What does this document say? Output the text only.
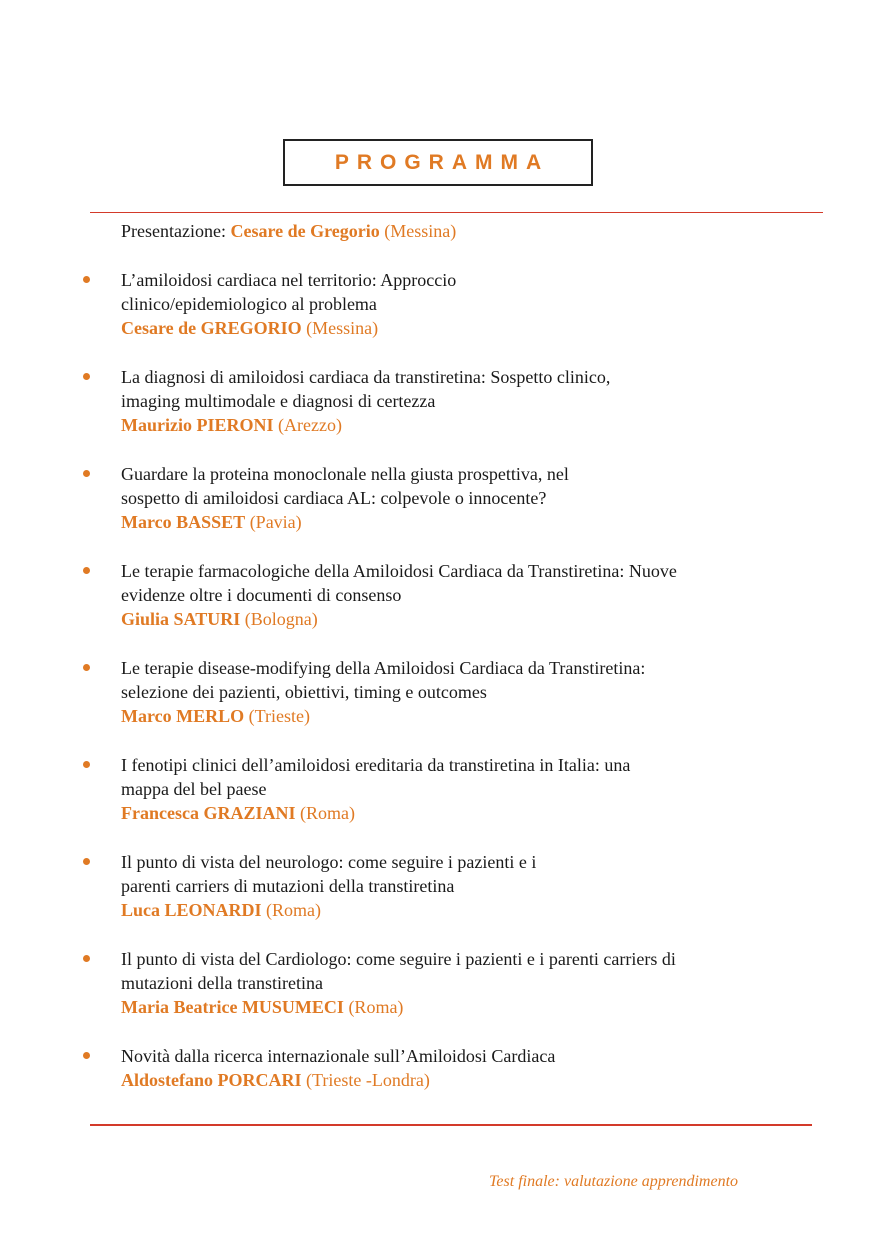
PROGRAMMA
Presentazione: Cesare de Gregorio (Messina)
L’amiloidosi cardiaca nel territorio: Approccio
clinico/epidemiologico al problema
Cesare de GREGORIO (Messina)
La diagnosi di amiloidosi cardiaca da transtiretina: Sospetto clinico,
imaging multimodale e diagnosi di certezza
Maurizio PIERONI (Arezzo)
Guardare la proteina monoclonale nella giusta prospettiva, nel
sospetto di amiloidosi cardiaca AL: colpevole o innocente?
Marco BASSET (Pavia)
Le terapie farmacologiche della Amiloidosi Cardiaca da Transtiretina: Nuove
evidenze oltre i documenti di consenso
Giulia SATURI (Bologna)
Le terapie disease-modifying della Amiloidosi Cardiaca da Transtiretina:
selezione dei pazienti, obiettivi, timing e outcomes
Marco MERLO (Trieste)
I fenotipi clinici dell’amiloidosi ereditaria da transtiretina in Italia: una
mappa del bel paese
Francesca GRAZIANI (Roma)
Il punto di vista del neurologo: come seguire i pazienti e i
parenti carriers di mutazioni della transtiretina
Luca LEONARDI (Roma)
Il punto di vista del Cardiologo: come seguire i pazienti e i parenti carriers di
mutazioni della transtiretina
Maria Beatrice MUSUMECI (Roma)
Novità dalla ricerca internazionale sull’Amiloidosi Cardiaca
Aldostefano PORCARI (Trieste -Londra)
Test finale: valutazione apprendimento
